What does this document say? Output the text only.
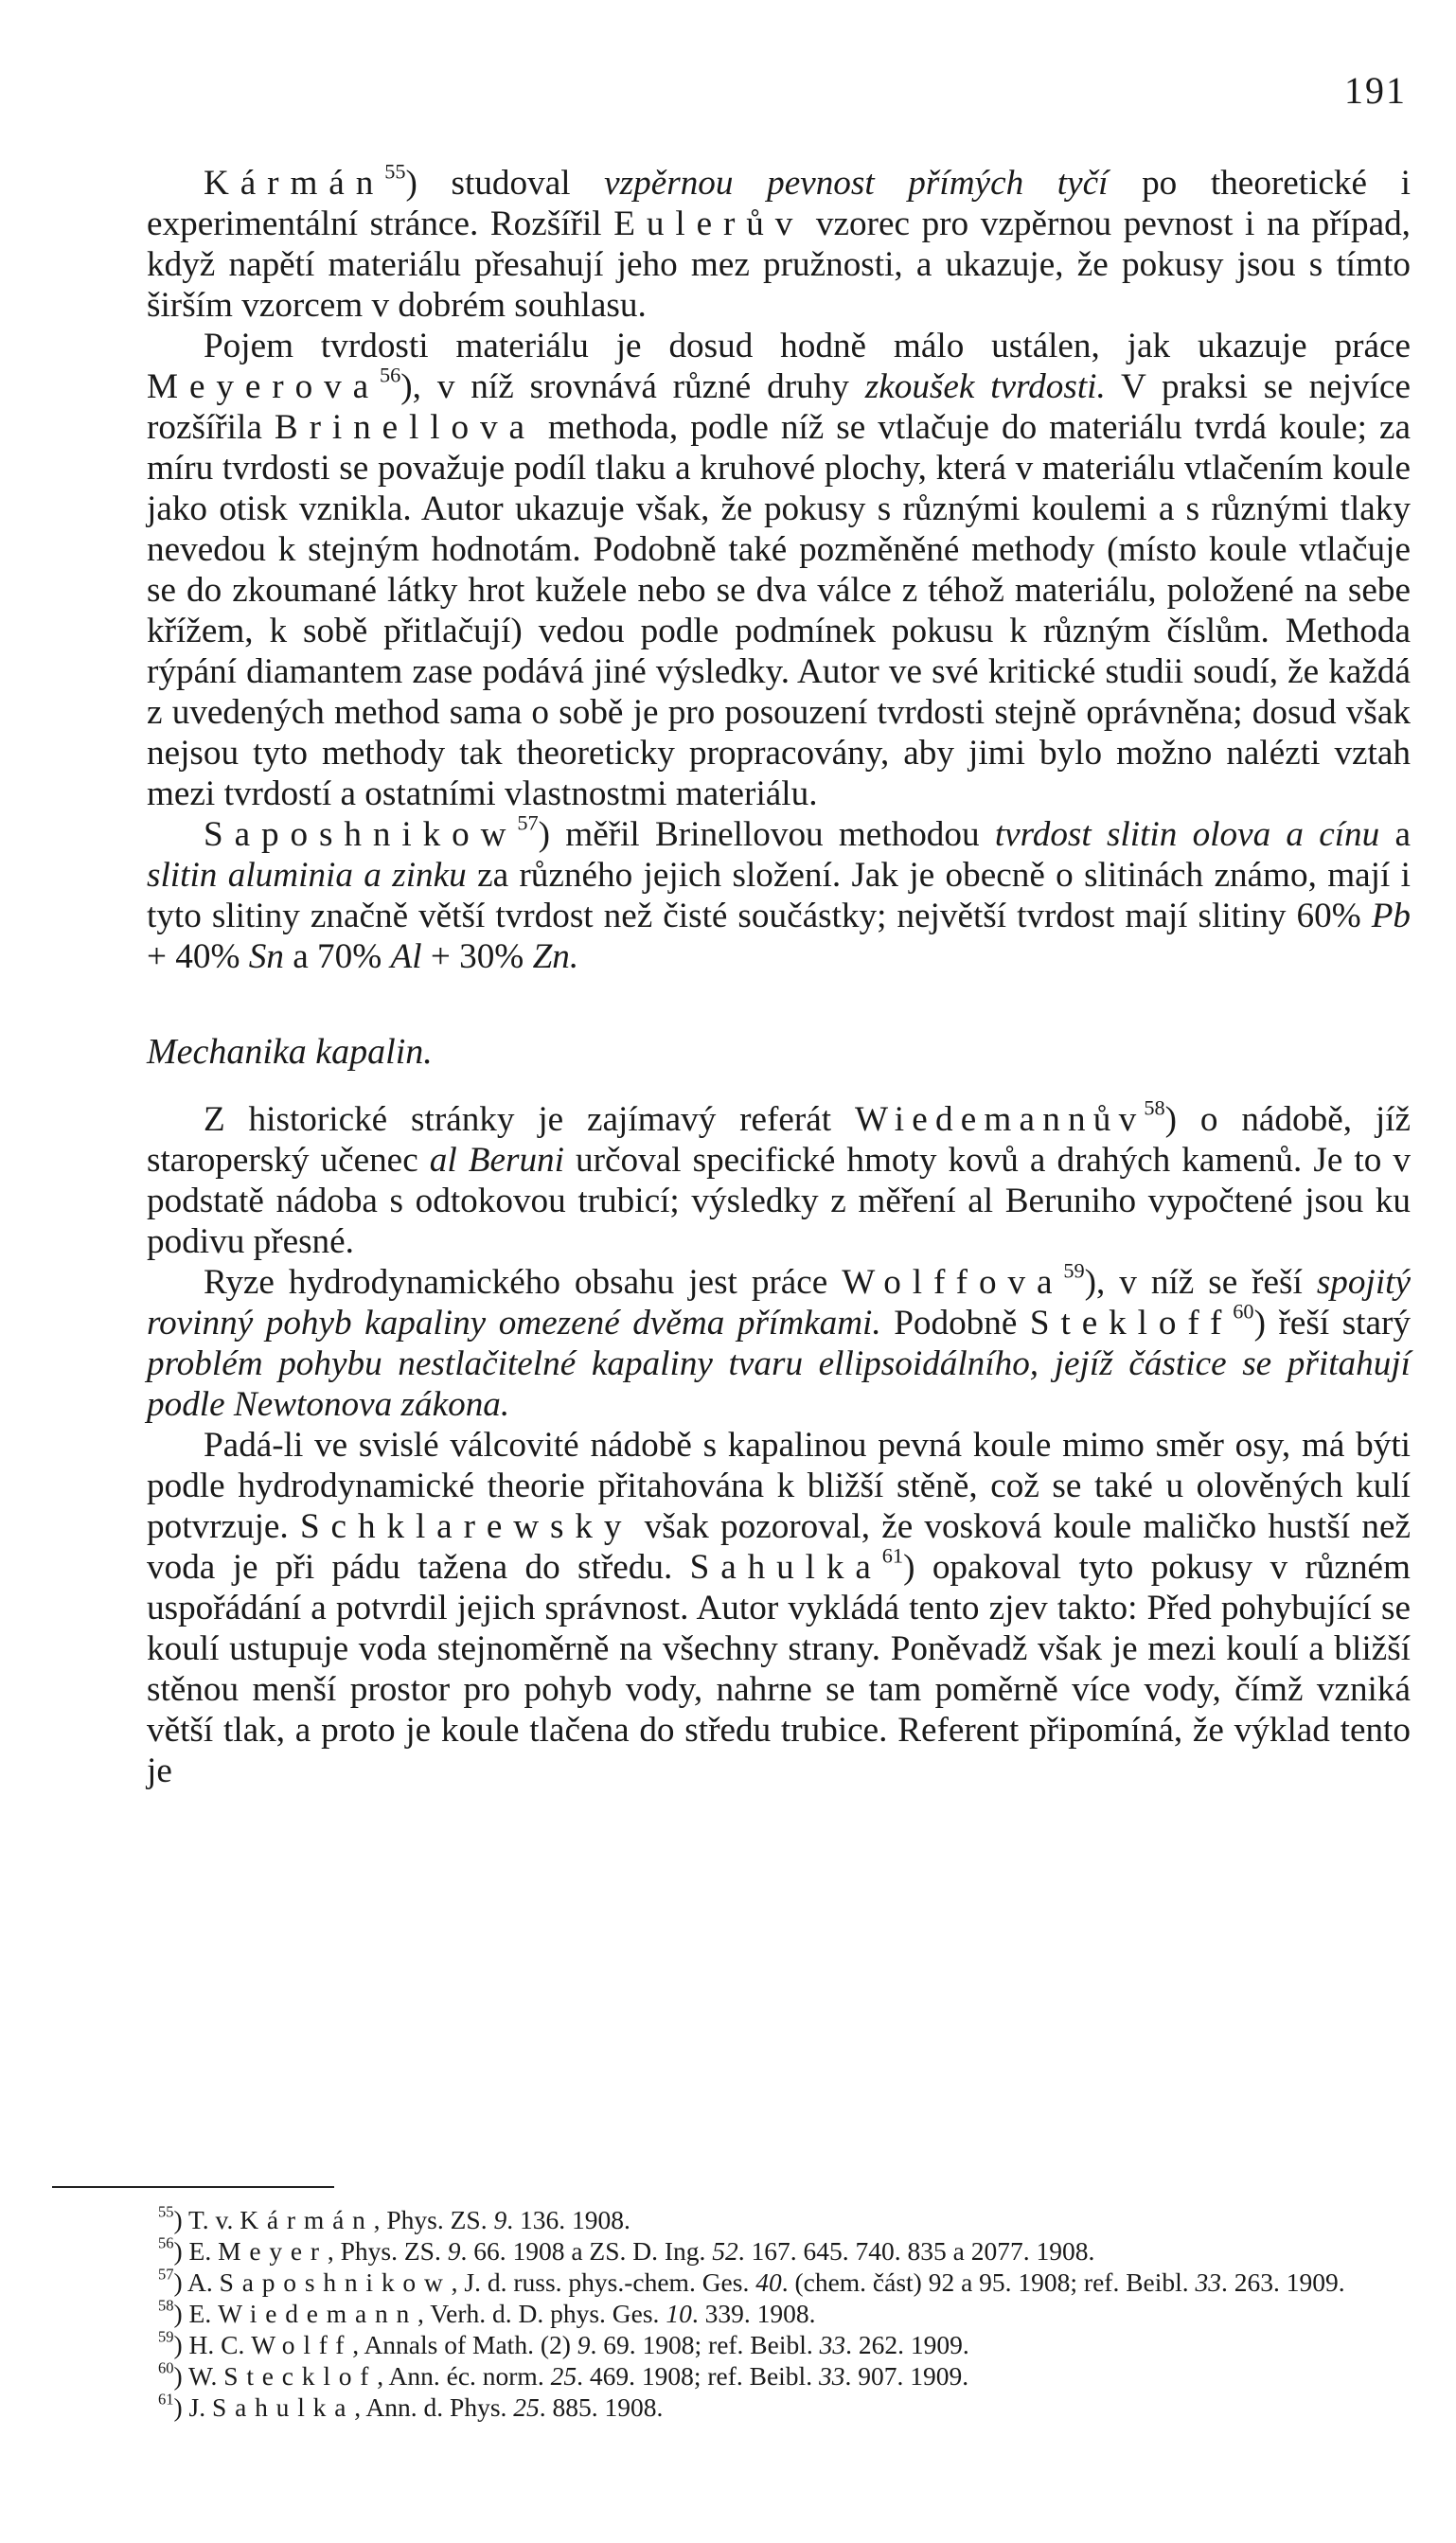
191

Kármán$^{55}$) studoval vzpěrnou pevnost přímých tyčí po theoretické i experimentální stránce. Rozšířil Eulerův vzorec pro vzpěrnou pevnost i na případ, když napětí materiálu přesahují jeho mez pružnosti, a ukazuje, že pokusy jsou s tímto širším vzorcem v dobrém souhlasu.

Pojem tvrdosti materiálu je dosud hodně málo ustálen, jak ukazuje práce Meyerova$^{56}$), v níž srovnává různé druhy zkoušek tvrdosti. V praksi se nejvíce rozšířila Brinellova methoda, podle níž se vtlačuje do materiálu tvrdá koule; za míru tvrdosti se považuje podíl tlaku a kruhové plochy, která v materiálu vtlačením koule jako otisk vznikla. Autor ukazuje však, že pokusy s různými koulemi a s různými tlaky nevedou k stejným hodnotám. Podobně také pozměněné methody (místo koule vtlačuje se do zkoumané látky hrot kužele nebo se dva válce z téhož materiálu, položené na sebe křížem, k sobě přitlačují) vedou podle podmínek pokusu k různým číslům. Methoda rýpání diamantem zase podává jiné výsledky. Autor ve své kritické studii soudí, že každá z uvedených method sama o sobě je pro posouzení tvrdosti stejně oprávněna; dosud však nejsou tyto methody tak theoreticky propracovány, aby jimi bylo možno nalézti vztah mezi tvrdostí a ostatními vlastnostmi materiálu.

Saposhnikow$^{57}$) měřil Brinellovou methodou tvrdost slitin olova a cínu a slitin aluminia a zinku za různého jejich složení. Jak je obecně o slitinách známo, mají i tyto slitiny značně větší tvrdost než čisté součástky; největší tvrdost mají slitiny 60% Pb + 40% Sn a 70% Al + 30% Zn.

Mechanika kapalin.

Z historické stránky je zajímavý referát Wiedemannův$^{58}$) o nádobě, jíž staroperský učenec al Beruni určoval specifické hmoty kovů a drahých kamenů. Je to v podstatě nádoba s odtokovou trubicí; výsledky z měření al Beruniho vypočtené jsou ku podivu přesné.

Ryze hydrodynamického obsahu jest práce Wolffova$^{59}$), v níž se řeší spojitý rovinný pohyb kapaliny omezené dvěma přímkami. Podobně Stekloff$^{60}$) řeší starý problém pohybu nestlačitelné kapaliny tvaru ellipsoidálního, jejíž částice se přitahují podle Newtonova zákona.

Padá-li ve svislé válcovité nádobě s kapalinou pevná koule mimo směr osy, má býti podle hydrodynamické theorie přitahována k bližší stěně, což se také u olověných kulí potvrzuje. Schklarewsky však pozoroval, že vosková koule maličko hustší než voda je při pádu tažena do středu. Sahulka$^{61}$) opakoval tyto pokusy v různém uspořádání a potvrdil jejich správnost. Autor vykládá tento zjev takto: Před pohybující se koulí ustupuje voda stejnoměrně na všechny strany. Poněvadž však je mezi koulí a bližší stěnou menší prostor pro pohyb vody, nahrne se tam poměrně více vody, čímž vzniká větší tlak, a proto je koule tlačena do středu trubice. Referent připomíná, že výklad tento je

$^{55}$) T. v. Kármán, Phys. ZS. 9. 136. 1908.

$^{56}$) E. Meyer, Phys. ZS. 9. 66. 1908 a ZS. D. Ing. 52. 167. 645. 740. 835 a 2077. 1908.

$^{57}$) A. Saposhnikow, J. d. russ. phys.-chem. Ges. 40. (chem. část) 92 a 95. 1908; ref. Beibl. 33. 263. 1909.

$^{58}$) E. Wiedemann, Verh. d. D. phys. Ges. 10. 339. 1908.

$^{59}$) H. C. Wolff, Annals of Math. (2) 9. 69. 1908; ref. Beibl. 33. 262. 1909.

$^{60}$) W. Stecklof, Ann. éc. norm. 25. 469. 1908; ref. Beibl. 33. 907. 1909.

$^{61}$) J. Sahulka, Ann. d. Phys. 25. 885. 1908.
